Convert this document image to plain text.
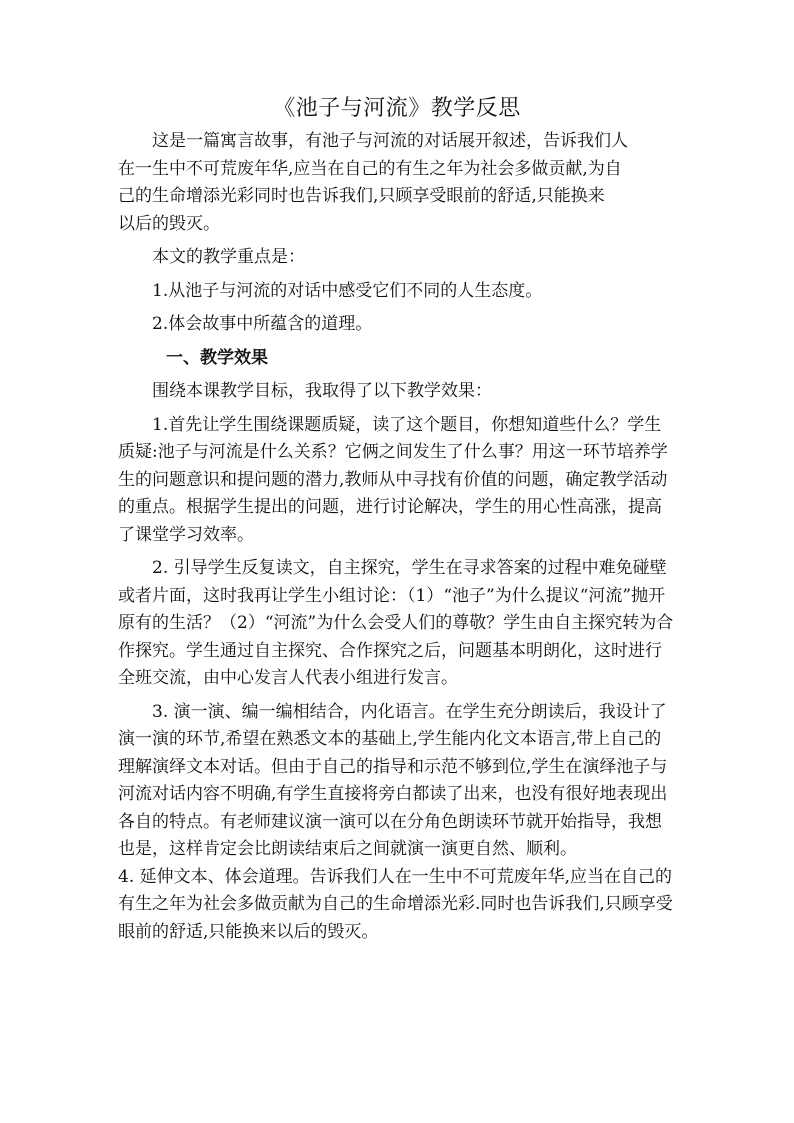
《池子与河流》教学反思

这是一篇寓言故事，有池子与河流的对话展开叙述，告诉我们人
在一生中不可荒废年华,应当在自己的有生之年为社会多做贡献,为自
己的生命增添光彩同时也告诉我们,只顾享受眼前的舒适,只能换来
以后的毁灭。

本文的教学重点是：

1.从池子与河流的对话中感受它们不同的人生态度。

2.体会故事中所蕴含的道理。

一、教学效果

围绕本课教学目标，我取得了以下教学效果：

1.首先让学生围绕课题质疑，读了这个题目，你想知道些什么？学生质疑:池子与河流是什么关系？它俩之间发生了什么事？用这一环节培养学生的问题意识和提问题的潜力,教师从中寻找有价值的问题，确定教学活动的重点。根据学生提出的问题，进行讨论解决，学生的用心性高涨，提高了课堂学习效率。

2. 引导学生反复读文，自主探究，学生在寻求答案的过程中难免碰壁或者片面，这时我再让学生小组讨论：（1）“池子”为什么提议“河流”抛开原有的生活？（2）“河流”为什么会受人们的尊敬？学生由自主探究转为合作探究。学生通过自主探究、合作探究之后，问题基本明朗化，这时进行全班交流，由中心发言人代表小组进行发言。

3. 演一演、编一编相结合，内化语言。在学生充分朗读后，我设计了演一演的环节,希望在熟悉文本的基础上,学生能内化文本语言,带上自己的理解演绎文本对话。但由于自己的指导和示范不够到位,学生在演绎池子与河流对话内容不明确,有学生直接将旁白都读了出来，也没有很好地表现出各自的特点。有老师建议演一演可以在分角色朗读环节就开始指导，我想也是，这样肯定会比朗读结束后之间就演一演更自然、顺利。

4. 延伸文本、体会道理。告诉我们人在一生中不可荒废年华,应当在自己的有生之年为社会多做贡献为自己的生命增添光彩.同时也告诉我们,只顾享受眼前的舒适,只能换来以后的毁灭。
